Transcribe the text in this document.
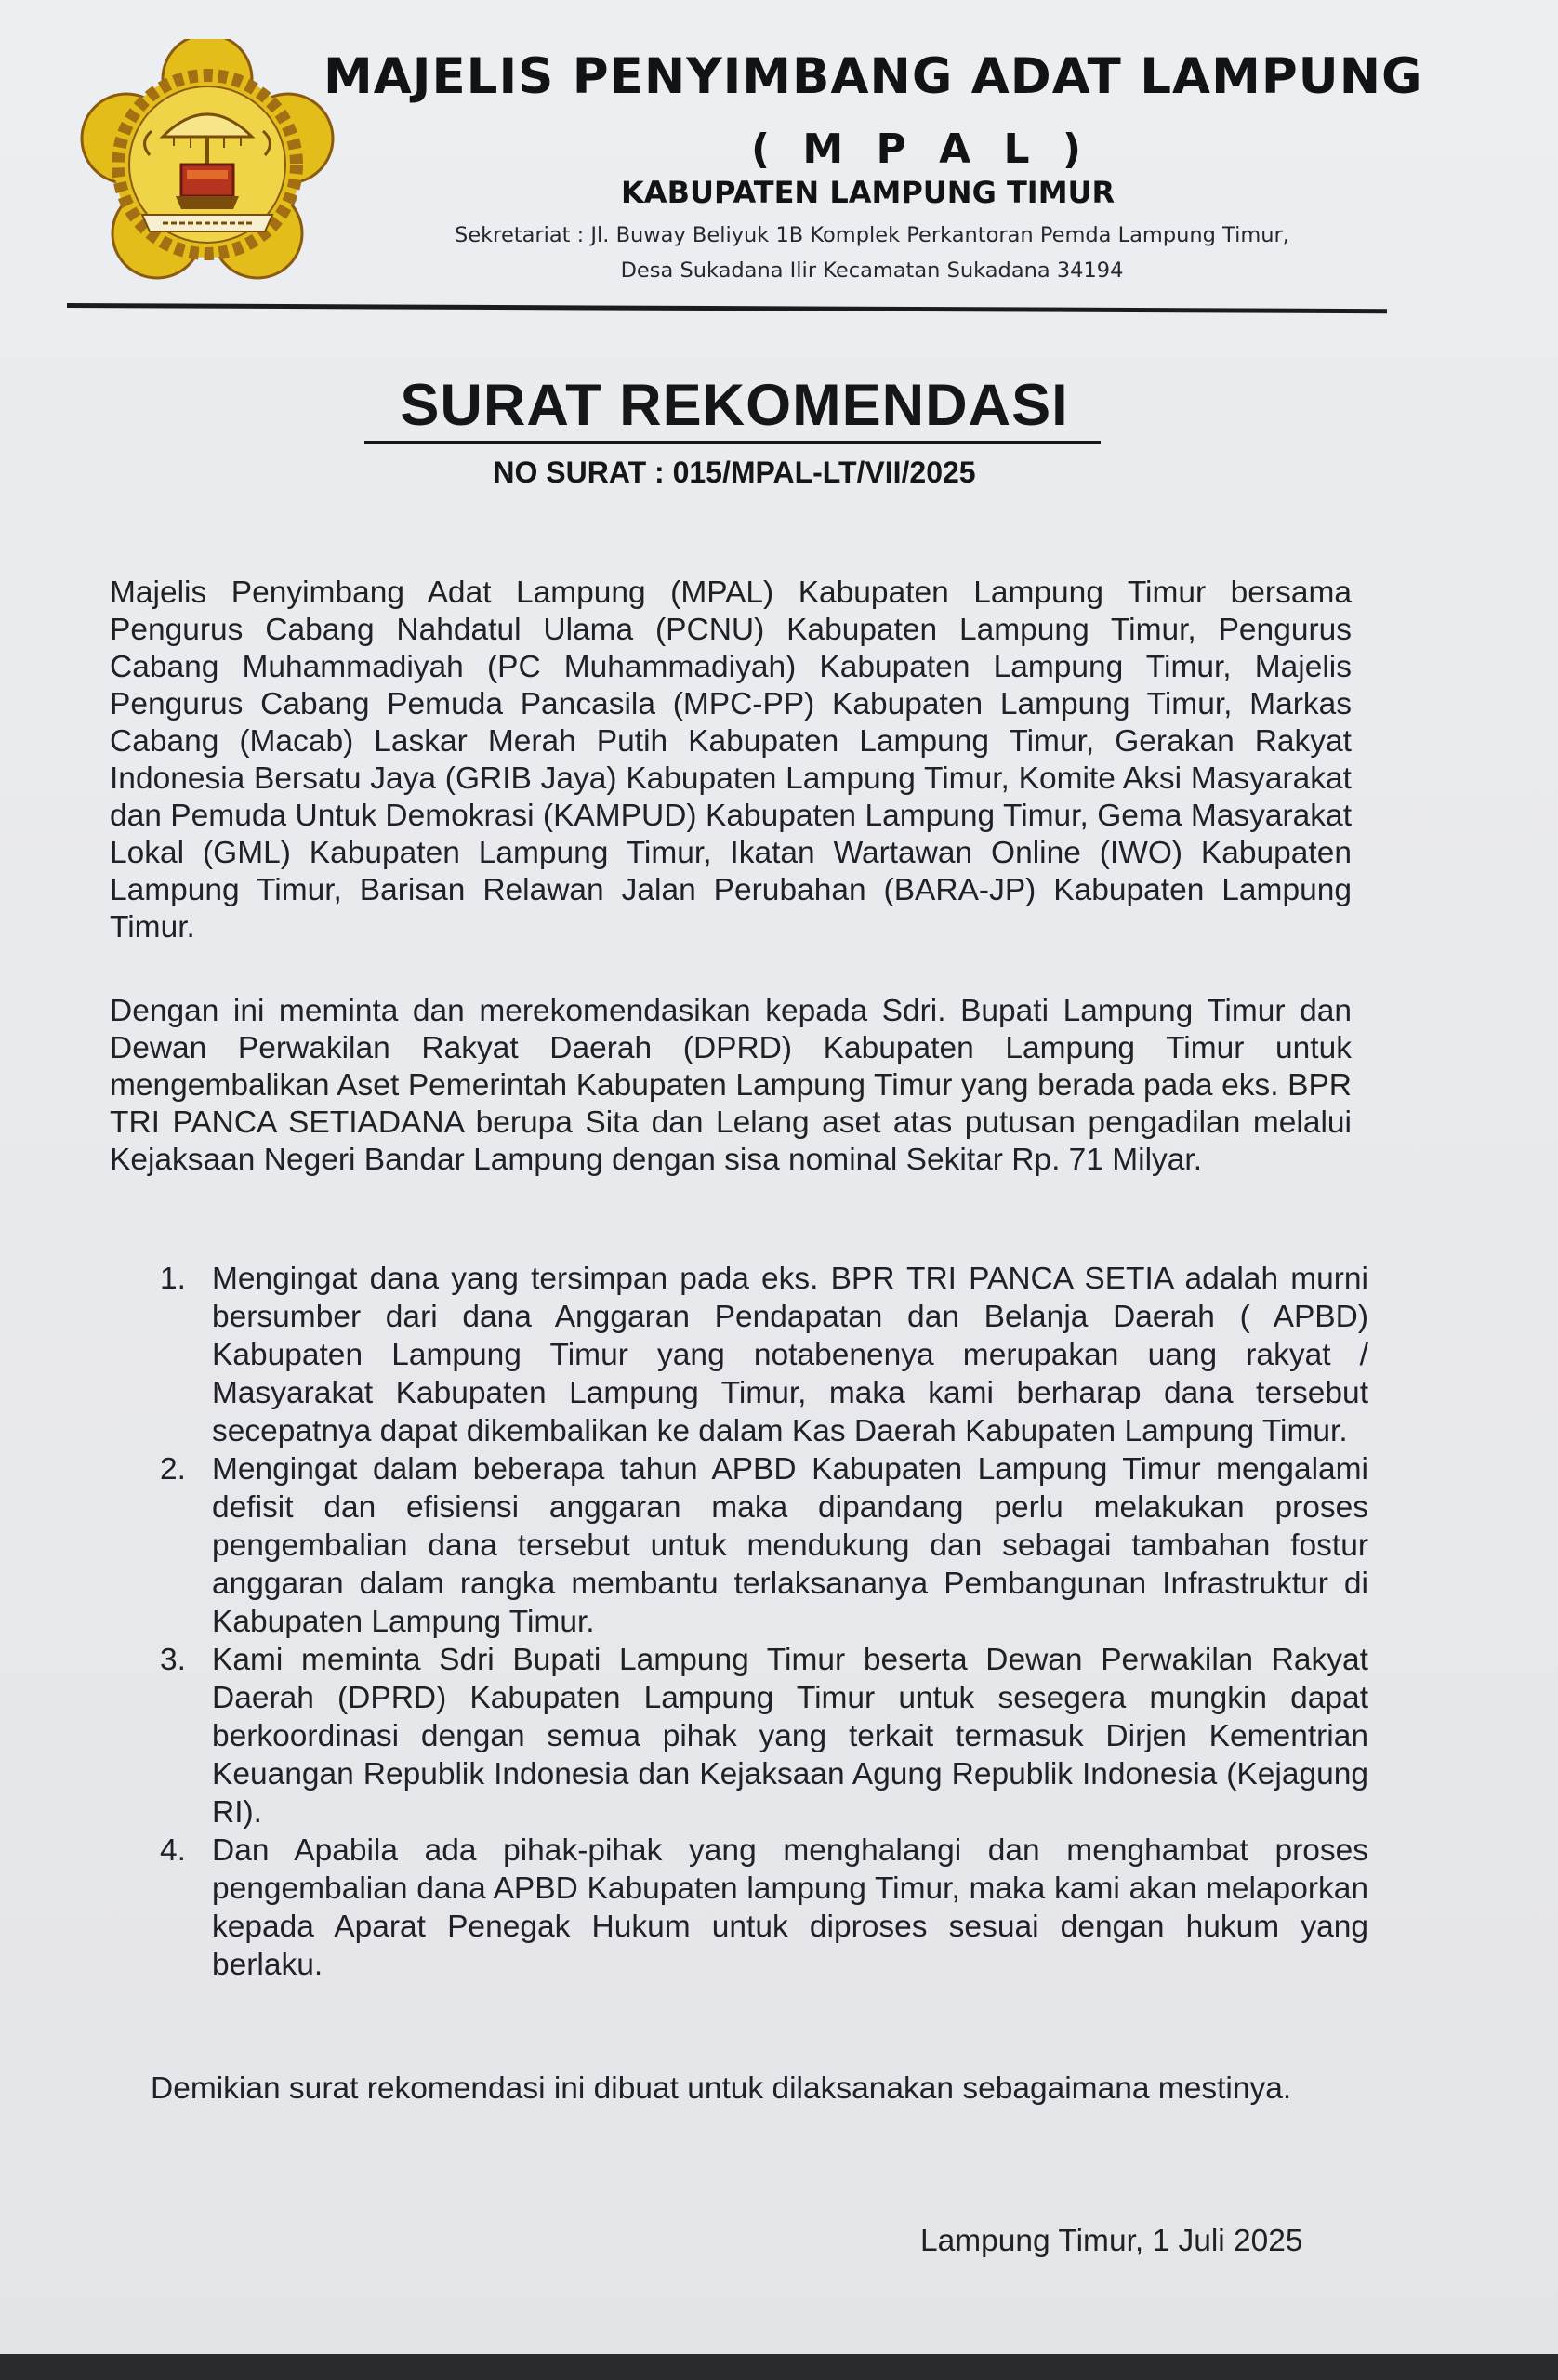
MAJELIS PENYIMBANG ADAT LAMPUNG
( M P A L )
KABUPATEN LAMPUNG TIMUR
Sekretariat : Jl. Buway Beliyuk 1B Komplek Perkantoran Pemda Lampung Timur,
Desa Sukadana Ilir Kecamatan Sukadana 34194
SURAT REKOMENDASI
NO SURAT : 015/MPAL-LT/VII/2025
Majelis Penyimbang Adat Lampung (MPAL) Kabupaten Lampung Timur bersama Pengurus Cabang Nahdatul Ulama (PCNU) Kabupaten Lampung Timur, Pengurus Cabang Muhammadiyah (PC Muhammadiyah) Kabupaten Lampung Timur, Majelis Pengurus Cabang Pemuda Pancasila (MPC-PP) Kabupaten Lampung Timur, Markas Cabang (Macab) Laskar Merah Putih Kabupaten Lampung Timur, Gerakan Rakyat Indonesia Bersatu Jaya (GRIB Jaya) Kabupaten Lampung Timur, Komite Aksi Masyarakat dan Pemuda Untuk Demokrasi (KAMPUD) Kabupaten Lampung Timur, Gema Masyarakat Lokal (GML) Kabupaten Lampung Timur, Ikatan Wartawan Online (IWO) Kabupaten Lampung Timur, Barisan Relawan Jalan Perubahan (BARA-JP) Kabupaten Lampung Timur.
Dengan ini meminta dan merekomendasikan kepada Sdri. Bupati Lampung Timur dan Dewan Perwakilan Rakyat Daerah (DPRD) Kabupaten Lampung Timur untuk mengembalikan Aset Pemerintah Kabupaten Lampung Timur yang berada pada eks. BPR TRI PANCA SETIADANA berupa Sita dan Lelang aset atas putusan pengadilan melalui Kejaksaan Negeri Bandar Lampung dengan sisa nominal Sekitar Rp. 71 Milyar.
1. Mengingat dana yang tersimpan pada eks. BPR TRI PANCA SETIA adalah murni bersumber dari dana Anggaran Pendapatan dan Belanja Daerah ( APBD) Kabupaten Lampung Timur yang notabenenya merupakan uang rakyat / Masyarakat Kabupaten Lampung Timur, maka kami berharap dana tersebut secepatnya dapat dikembalikan ke dalam Kas Daerah Kabupaten Lampung Timur.
2. Mengingat dalam beberapa tahun APBD Kabupaten Lampung Timur mengalami defisit dan efisiensi anggaran maka dipandang perlu melakukan proses pengembalian dana tersebut untuk mendukung dan sebagai tambahan fostur anggaran dalam rangka membantu terlaksananya Pembangunan Infrastruktur di Kabupaten Lampung Timur.
3. Kami meminta Sdri Bupati Lampung Timur beserta Dewan Perwakilan Rakyat Daerah (DPRD) Kabupaten Lampung Timur untuk sesegera mungkin dapat berkoordinasi dengan semua pihak yang terkait termasuk Dirjen Kementrian Keuangan Republik Indonesia dan Kejaksaan Agung Republik Indonesia (Kejagung RI).
4. Dan Apabila ada pihak-pihak yang menghalangi dan menghambat proses pengembalian dana APBD Kabupaten lampung Timur, maka kami akan melaporkan kepada Aparat Penegak Hukum untuk diproses sesuai dengan hukum yang berlaku.
Demikian surat rekomendasi ini dibuat untuk dilaksanakan sebagaimana mestinya.
Lampung Timur, 1 Juli 2025
